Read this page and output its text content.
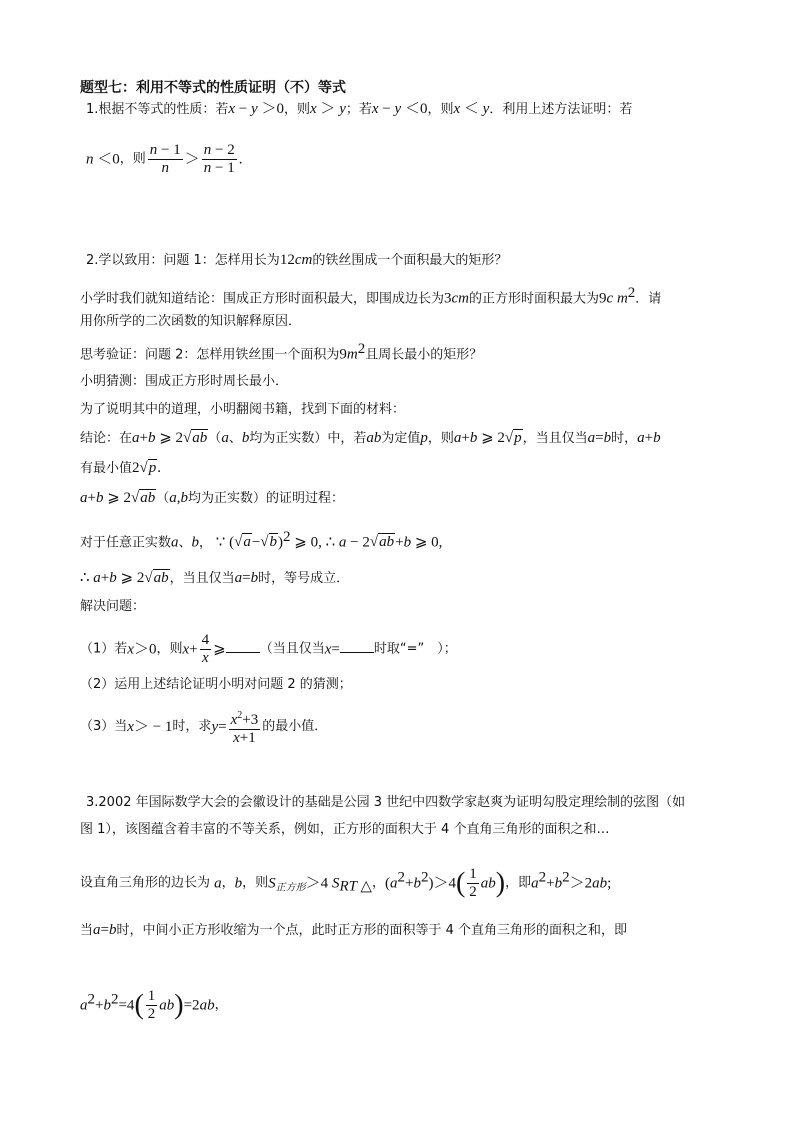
题型七：利用不等式的性质证明（不）等式
1.根据不等式的性质：若x − y ＞0，则x ＞ y；若x − y ＜0，则x ＜ y．利用上述方法证明：若
n ＜0，则 $\frac{n - 1}{n} > \frac{n - 2}{n - 1}$ .
2.学以致用：问题 1：怎样用长为12cm的铁丝围成一个面积最大的矩形？
小学时我们就知道结论：围成正方形时面积最大，即围成边长为3cm的正方形时面积最大为9c $m^2$．请
用你所学的二次函数的知识解释原因．
思考验证：问题 2：怎样用铁丝围一个面积为$9m^2$且周长最小的矩形？
小明猜测：围成正方形时周长最小．
为了说明其中的道理，小明翻阅书籍，找到下面的材料：
结论：在a+b ⩾ 2√ab（a、b均为正实数）中，若ab为定值p，则a+b ⩾ 2√p，当且仅当a=b时，a+b
有最小值2√p.
a+b ⩾ 2√ab（a,b均为正实数）的证明过程：
对于任意正实数a、b， ∵ $(√a-√b)^2$ ⩾ 0, ∴ a − 2√ab+b ⩾ 0,
∴ a+b ⩾ 2√ab，当且仅当a=b时，等号成立．
解决问题：
（1）若x＞0，则$x+ \frac{4}{x}$ ⩾	（当且仅当x=	时取“=”　）；
（2）运用上述结论证明小明对问题 2 的猜测；
（3）当x＞ − 1时，求$y= \frac{x^2+3}{x+1}$ 的最小值．
3.2002 年国际数学大会的会徽设计的基础是公园 3 世纪中四数学家赵爽为证明勾股定理绘制的弦图（如
图 1），该图蕴含着丰富的不等关系，例如，正方形的面积大于 4 个直角三角形的面积之和…
设直角三角形的边长为 a，b，则$S_{正方形}>4$ $S_{RT \triangle}$，$(a^2+b^2)>4( \frac{1}{2} ab)$，即$a^2+b^2>2ab$;
当a=b时，中间小正方形收缩为一个点，此时正方形的面积等于 4 个直角三角形的面积之和，即
$a^2+b^2=4( \frac{1}{2} ab)=2ab$，
